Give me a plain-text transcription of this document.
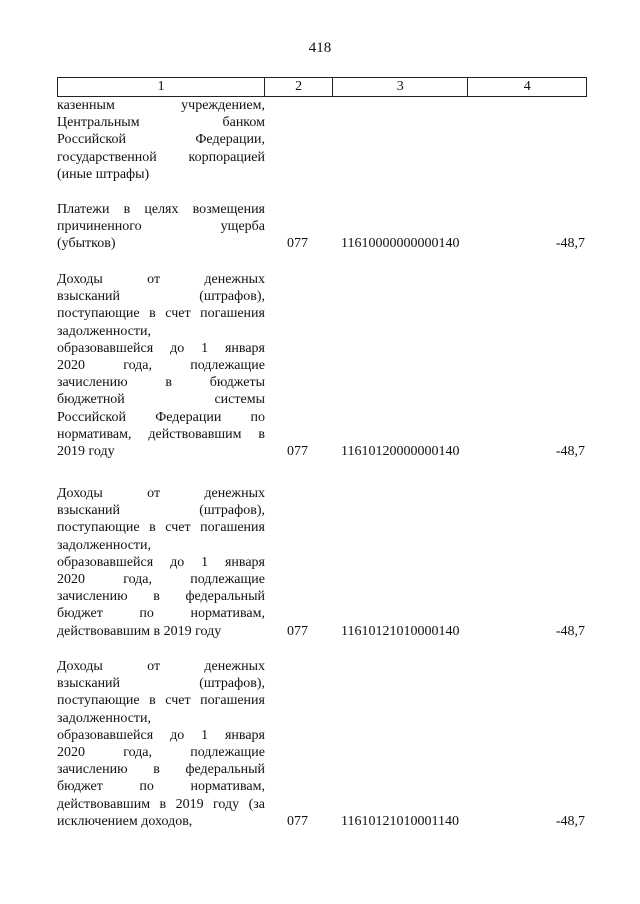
418
1	2	3	4
казенным учреждением,
Центральным банком
Российской Федерации,
государственной корпорацией
(иные штрафы)
Платежи в целях возмещения
причиненного ущерба
(убытков)	077 11610000000000140	-48,7
Доходы от денежных
взысканий (штрафов),
поступающие в счет погашения
задолженности,
образовавшейся до 1 января
2020 года, подлежащие
зачислению в бюджеты
бюджетной системы
Российской Федерации по
нормативам, действовавшим в
2019 году	077 11610120000000140	-48,7
Доходы от денежных
взысканий (штрафов),
поступающие в счет погашения
задолженности,
образовавшейся до 1 января
2020 года, подлежащие
зачислению в федеральный
бюджет по нормативам,
действовавшим в 2019 году	077 11610121010000140	-48,7
Доходы от денежных
взысканий (штрафов),
поступающие в счет погашения
задолженности,
образовавшейся до 1 января
2020 года, подлежащие
зачислению в федеральный
бюджет по нормативам,
действовавшим в 2019 году (за
исключением доходов,	077 11610121010001140	-48,7
